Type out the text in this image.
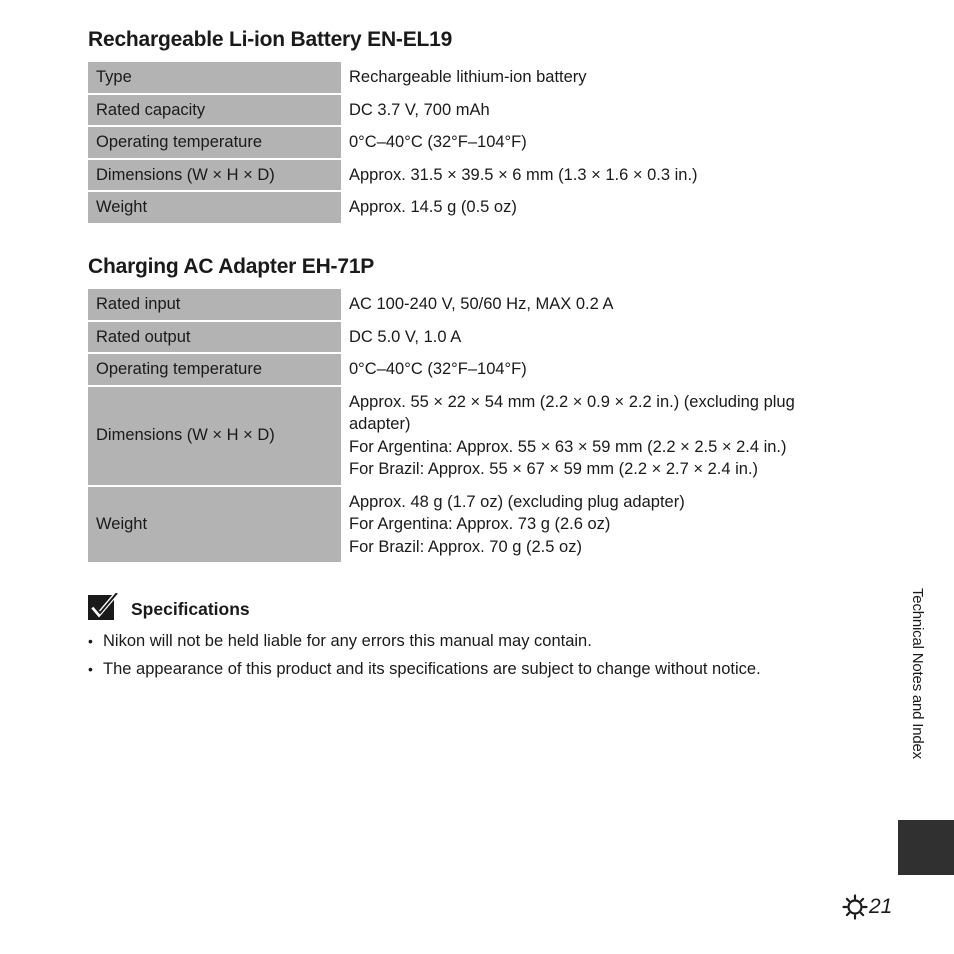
Rechargeable Li-ion Battery EN-EL19
Type	Rechargeable lithium-ion battery

Rated capacity	DC 3.7 V, 700 mAh

Operating temperature	0°C–40°C (32°F–104°F)

Dimensions (W × H × D)	Approx. 31.5 × 39.5 × 6 mm (1.3 × 1.6 × 0.3 in.)

Weight	Approx. 14.5 g (0.5 oz)
Charging AC Adapter EH-71P
Rated input	AC 100-240 V, 50/60 Hz, MAX 0.2 A

Rated output	DC 5.0 V, 1.0 A

Operating temperature	0°C–40°C (32°F–104°F)

Dimensions (W × H × D)	Approx. 55 × 22 × 54 mm (2.2 × 0.9 × 2.2 in.) (excluding plug adapter)
For Argentina: Approx. 55 × 63 × 59 mm (2.2 × 2.5 × 2.4 in.)
For Brazil: Approx. 55 × 67 × 59 mm (2.2 × 2.7 × 2.4 in.)

Weight	Approx. 48 g (1.7 oz) (excluding plug adapter)
For Argentina: Approx. 73 g (2.6 oz)
For Brazil: Approx. 70 g (2.5 oz)
Specifications
• Nikon will not be held liable for any errors this manual may contain.
• The appearance of this product and its specifications are subject to change without notice.	Technical Notes and Index
21
